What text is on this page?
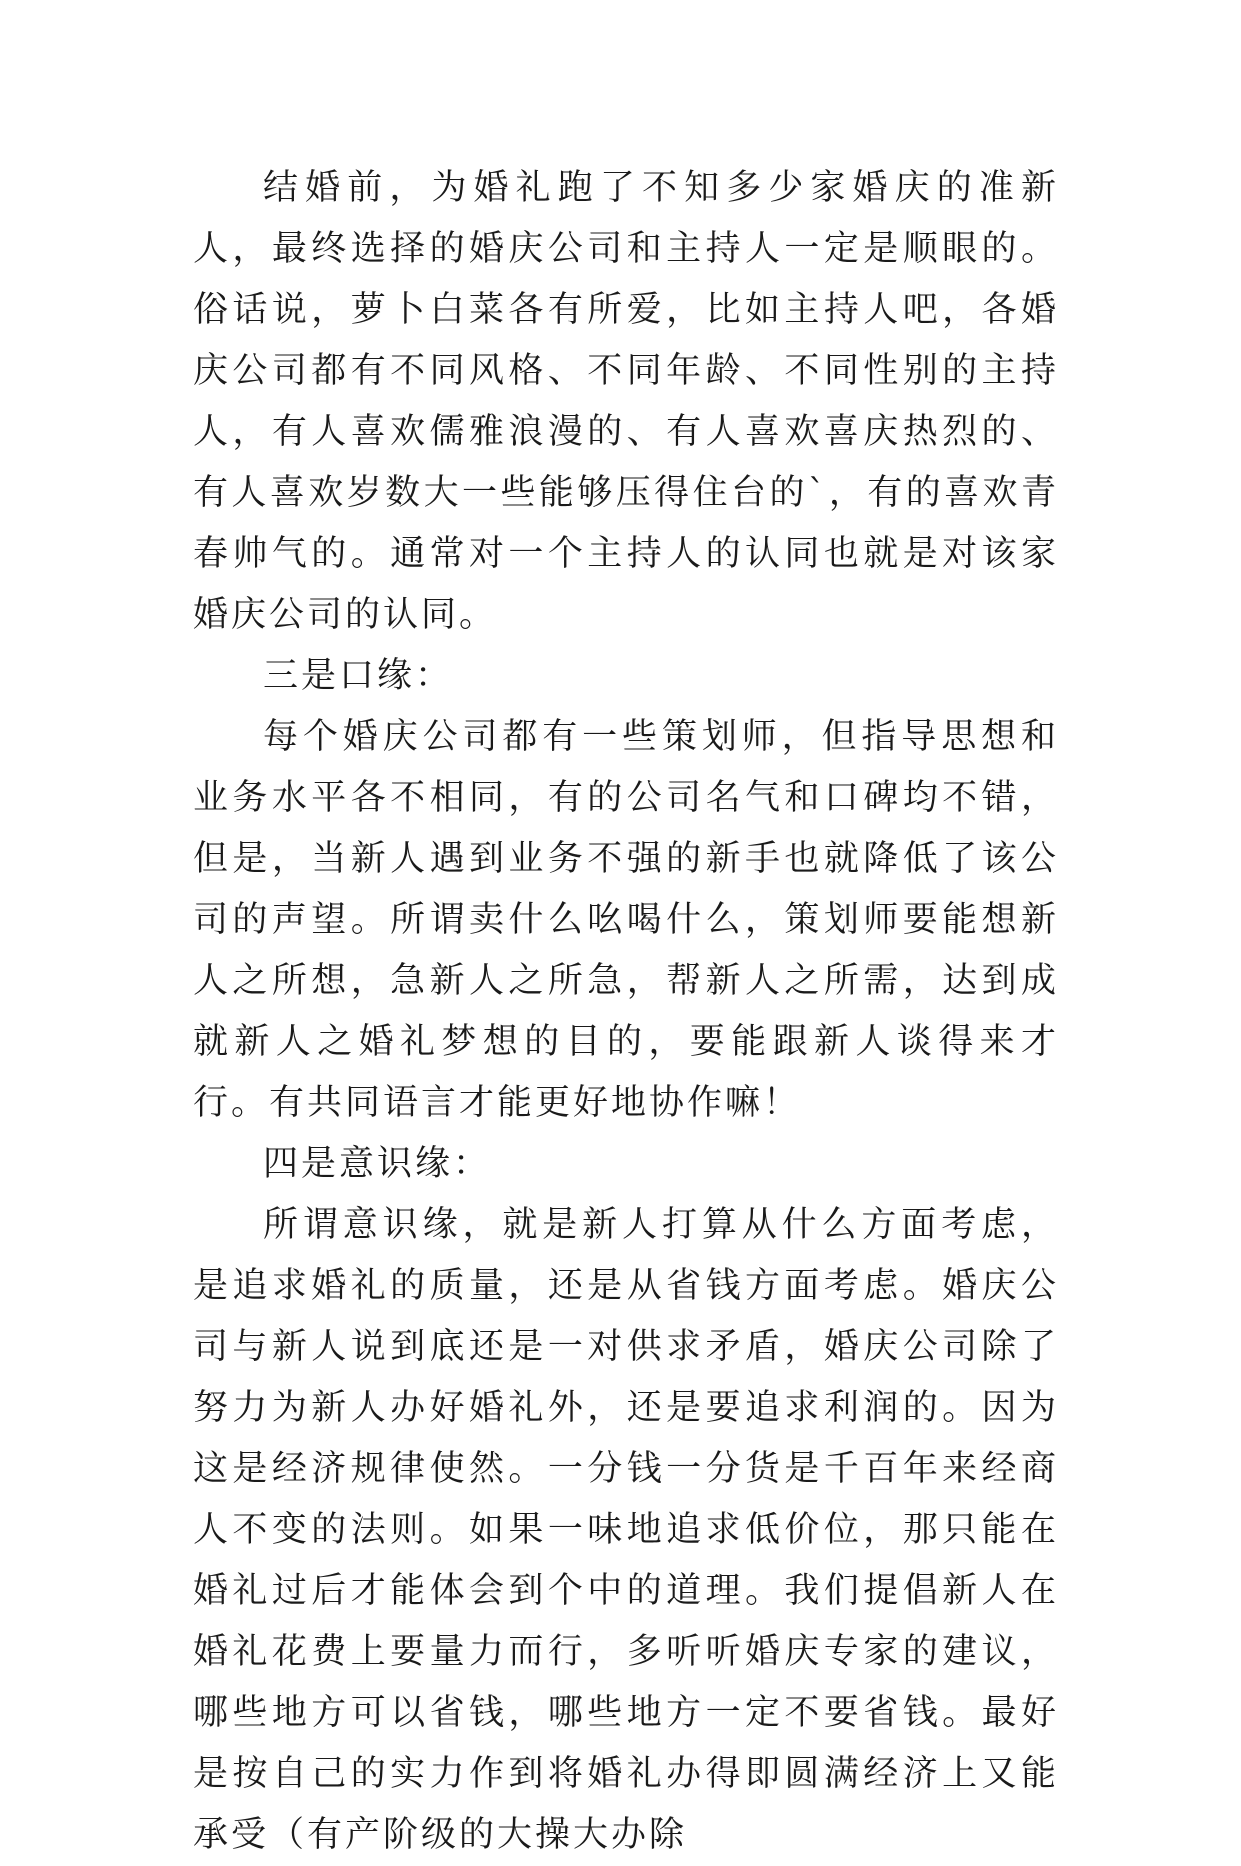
结婚前，为婚礼跑了不知多少家婚庆的准新人，最终选择的婚庆公司和主持人一定是顺眼的。俗话说，萝卜白菜各有所爱，比如主持人吧，各婚庆公司都有不同风格、不同年龄、不同性别的主持人，有人喜欢儒雅浪漫的、有人喜欢喜庆热烈的、有人喜欢岁数大一些能够压得住台的`，有的喜欢青春帅气的。通常对一个主持人的认同也就是对该家婚庆公司的认同。

三是口缘：

每个婚庆公司都有一些策划师，但指导思想和业务水平各不相同，有的公司名气和口碑均不错，但是，当新人遇到业务不强的新手也就降低了该公司的声望。所谓卖什么吆喝什么，策划师要能想新人之所想，急新人之所急，帮新人之所需，达到成就新人之婚礼梦想的目的，要能跟新人谈得来才行。有共同语言才能更好地协作嘛！

四是意识缘：

所谓意识缘，就是新人打算从什么方面考虑，是追求婚礼的质量，还是从省钱方面考虑。婚庆公司与新人说到底还是一对供求矛盾，婚庆公司除了努力为新人办好婚礼外，还是要追求利润的。因为这是经济规律使然。一分钱一分货是千百年来经商人不变的法则。如果一味地追求低价位，那只能在婚礼过后才能体会到个中的道理。我们提倡新人在婚礼花费上要量力而行，多听听婚庆专家的建议，哪些地方可以省钱，哪些地方一定不要省钱。最好是按自己的实力作到将婚礼办得即圆满经济上又能承受（有产阶级的大操大办除
